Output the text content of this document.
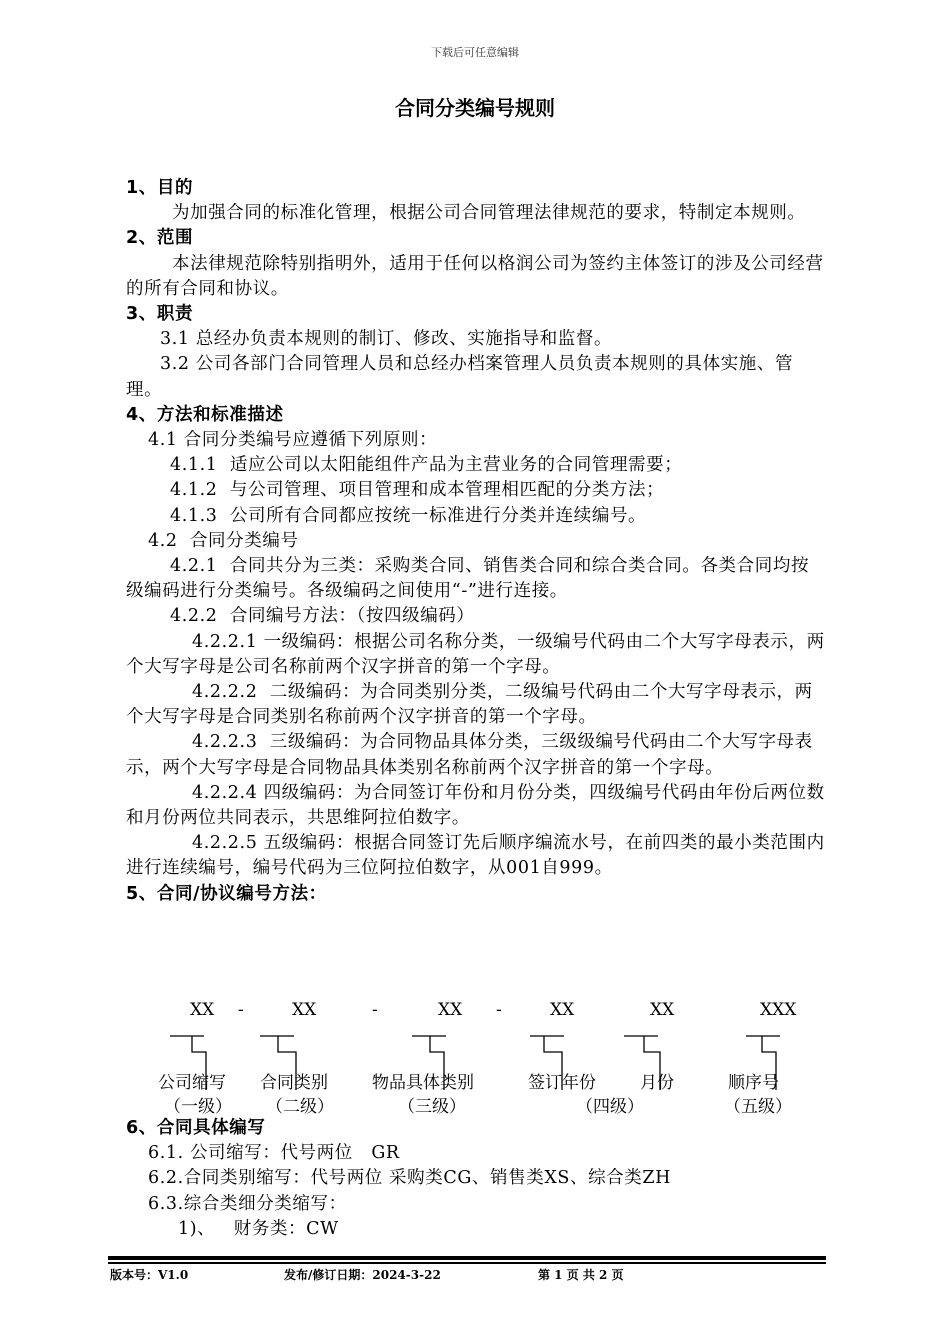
下载后可任意编辑
合同分类编号规则

1、目的

为加强合同的标准化管理，根据公司合同管理法律规范的要求，特制定本规则。

2、范围

本法律规范除特别指明外，适用于任何以格润公司为签约主体签订的涉及公司经营的所有合同和协议。

3、职责

3.1 总经办负责本规则的制订、修改、实施指导和监督。

3.2 公司各部门合同管理人员和总经办档案管理人员负责本规则的具体实施、管理。

4、方法和标准描述

4.1 合同分类编号应遵循下列原则：

4.1.1  适应公司以太阳能组件产品为主营业务的合同管理需要；

4.1.2  与公司管理、项目管理和成本管理相匹配的分类方法；

4.1.3  公司所有合同都应按统一标准进行分类并连续编号。

4.2  合同分类编号

4.2.1  合同共分为三类：采购类合同、销售类合同和综合类合同。各类合同均按级编码进行分类编号。各级编码之间使用“-”进行连接。

4.2.2  合同编号方法：（按四级编码）

4.2.2.1 一级编码：根据公司名称分类，一级编号代码由二个大写字母表示，两个大写字母是公司名称前两个汉字拼音的第一个字母。

4.2.2.2  二级编码：为合同类别分类，二级编号代码由二个大写字母表示，两个大写字母是合同类别名称前两个汉字拼音的第一个字母。

4.2.2.3  三级编码：为合同物品具体分类，三级级编号代码由二个大写字母表示，两个大写字母是合同物品具体类别名称前两个汉字拼音的第一个字母。

4.2.2.4 四级编码：为合同签订年份和月份分类，四级编号代码由年份后两位数和月份两位共同表示，共思维阿拉伯数字。

4.2.2.5 五级编码：根据合同签订先后顺序编流水号，在前四类的最小类范围内进行连续编号，编号代码为三位阿拉伯数字，从001自999。

5、合同/协议编号方法：

XX -	XX	-	XX -	XX	XX	XXX
公司缩写 合同类别	物品具体类别	签订年份	月份	顺序号
（一级） （二级）	（三级）	（四级）	（五级）

6、合同具体编写

6.1. 公司缩写：代号两位   GR

6.2.合同类别缩写：代号两位 采购类CG、销售类XS、综合类ZH

6.3.综合类细分类缩写：

1)、   财务类：CW

版本号：V1.0	发布/修订日期：2024-3-22	第 1 页 共 2 页
